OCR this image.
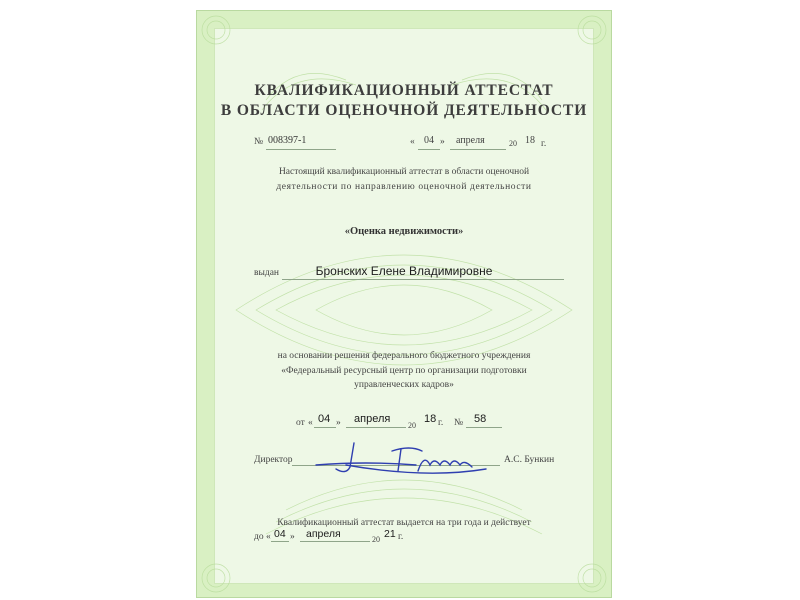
КВАЛИФИКАЦИОННЫЙ АТТЕСТАТ
В ОБЛАСТИ ОЦЕНОЧНОЙ ДЕЯТЕЛЬНОСТИ
№ 008397-1	« 04 » апреля	20 18 г.
Настоящий квалификационный аттестат в области оценочной
деятельности по направлению оценочной деятельности
«Оценка недвижимости»
выдан	Бронских Елене Владимировне
на основании решения федерального бюджетного учреждения
«Федеральный ресурсный центр по организации подготовки
управленческих кадров»
от « 04 » апреля
20
18 г. № 58
Директор	А.С. Бункин
Квалификационный аттестат выдается на три года и действует
до « 04 » апреля	20 21 г.
